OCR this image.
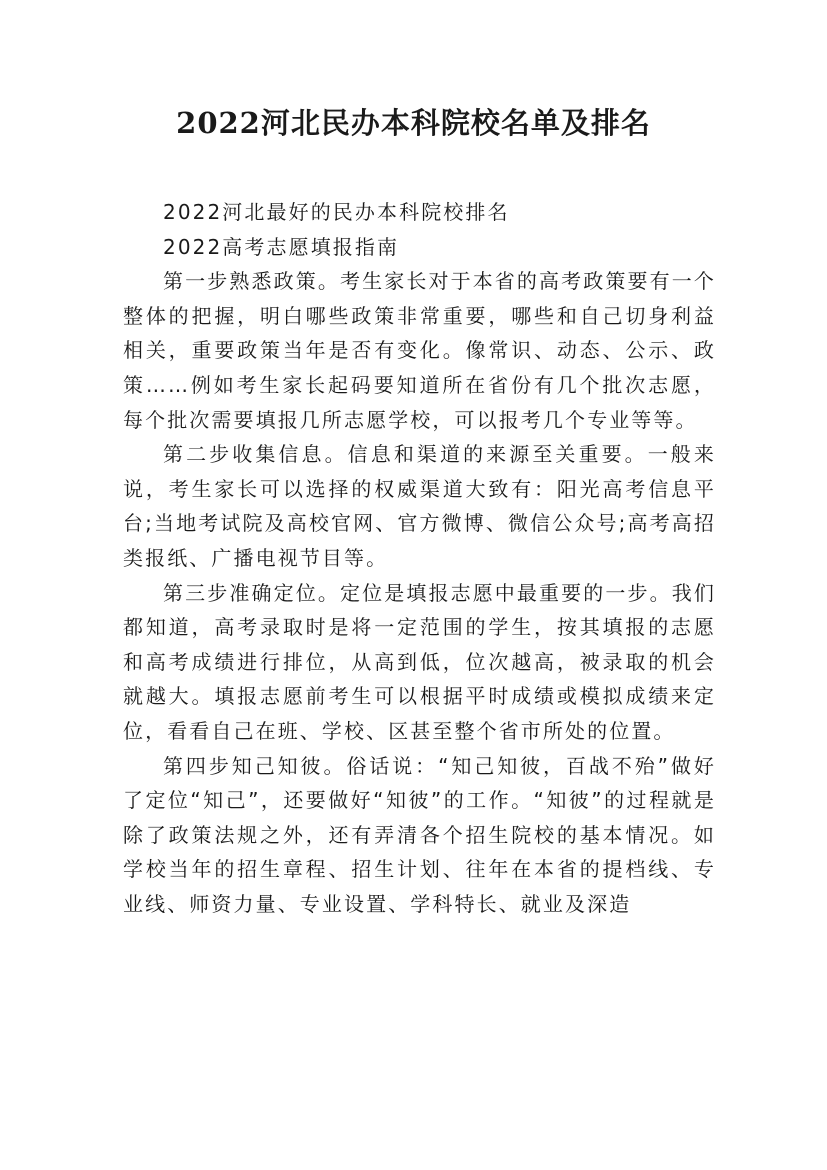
2022河北民办本科院校名单及排名

2022河北最好的民办本科院校排名

2022高考志愿填报指南

第一步熟悉政策。考生家长对于本省的高考政策要有一个整体的把握，明白哪些政策非常重要，哪些和自己切身利益相关，重要政策当年是否有变化。像常识、动态、公示、政策……例如考生家长起码要知道所在省份有几个批次志愿，每个批次需要填报几所志愿学校，可以报考几个专业等等。

第二步收集信息。信息和渠道的来源至关重要。一般来说，考生家长可以选择的权威渠道大致有：阳光高考信息平台;当地考试院及高校官网、官方微博、微信公众号;高考高招类报纸、广播电视节目等。

第三步准确定位。定位是填报志愿中最重要的一步。我们都知道，高考录取时是将一定范围的学生，按其填报的志愿和高考成绩进行排位，从高到低，位次越高，被录取的机会就越大。填报志愿前考生可以根据平时成绩或模拟成绩来定位，看看自己在班、学校、区甚至整个省市所处的位置。

第四步知己知彼。俗话说：“知己知彼，百战不殆”做好了定位“知己”，还要做好“知彼”的工作。“知彼”的过程就是除了政策法规之外，还有弄清各个招生院校的基本情况。如学校当年的招生章程、招生计划、往年在本省的提档线、专业线、师资力量、专业设置、学科特长、就业及深造
